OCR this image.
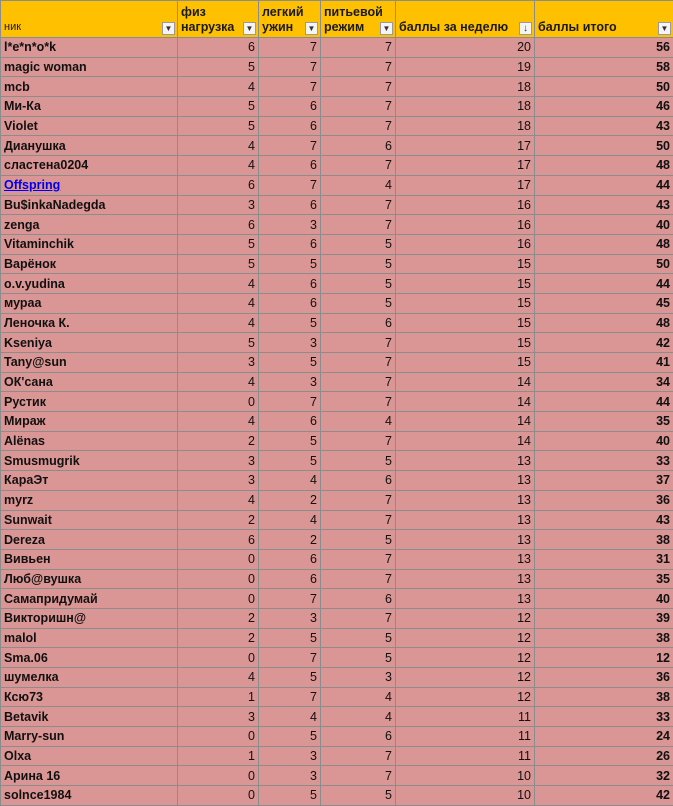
ник ▼	физ нагрузка ▼	легкий ужин ▼	питьевой режим ▼	баллы за неделю ↓	баллы итого ▼

l*e*n*o*k	6	7	7	20	56
magic woman	5	7	7	19	58
mcb	4	7	7	18	50
Ми-Ка	5	6	7	18	46
Violet	5	6	7	18	43
Дианушка	4	7	6	17	50
сластена0204	4	6	7	17	48
Offspring	6	7	4	17	44
Bu$inkaNadegda	3	6	7	16	43
zenga	6	3	7	16	40
Vitaminchik	5	6	5	16	48
Варёнок	5	5	5	15	50
o.v.yudina	4	6	5	15	44
мураа	4	6	5	15	45
Леночка К.	4	5	6	15	48
Kseniya	5	3	7	15	42
Tany@sun	3	5	7	15	41
ОК'сана	4	3	7	14	34
Рустик	0	7	7	14	44
Мираж	4	6	4	14	35
Alёnas	2	5	7	14	40
Smusmugrik	3	5	5	13	33
КараЭт	3	4	6	13	37
myrz	4	2	7	13	36
Sunwait	2	4	7	13	43
Dereza	6	2	5	13	38
Вивьен	0	6	7	13	31
Люб@вушка	0	6	7	13	35
Самапридумай	0	7	6	13	40
Викторишн@	2	3	7	12	39
malol	2	5	5	12	38
Sma.06	0	7	5	12	12
шумелка	4	5	3	12	36
Ксю73	1	7	4	12	38
Betavik	3	4	4	11	33
Marry-sun	0	5	6	11	24
Olxa	1	3	7	11	26
Арина 16	0	3	7	10	32
solnce1984	0	5	5	10	42
